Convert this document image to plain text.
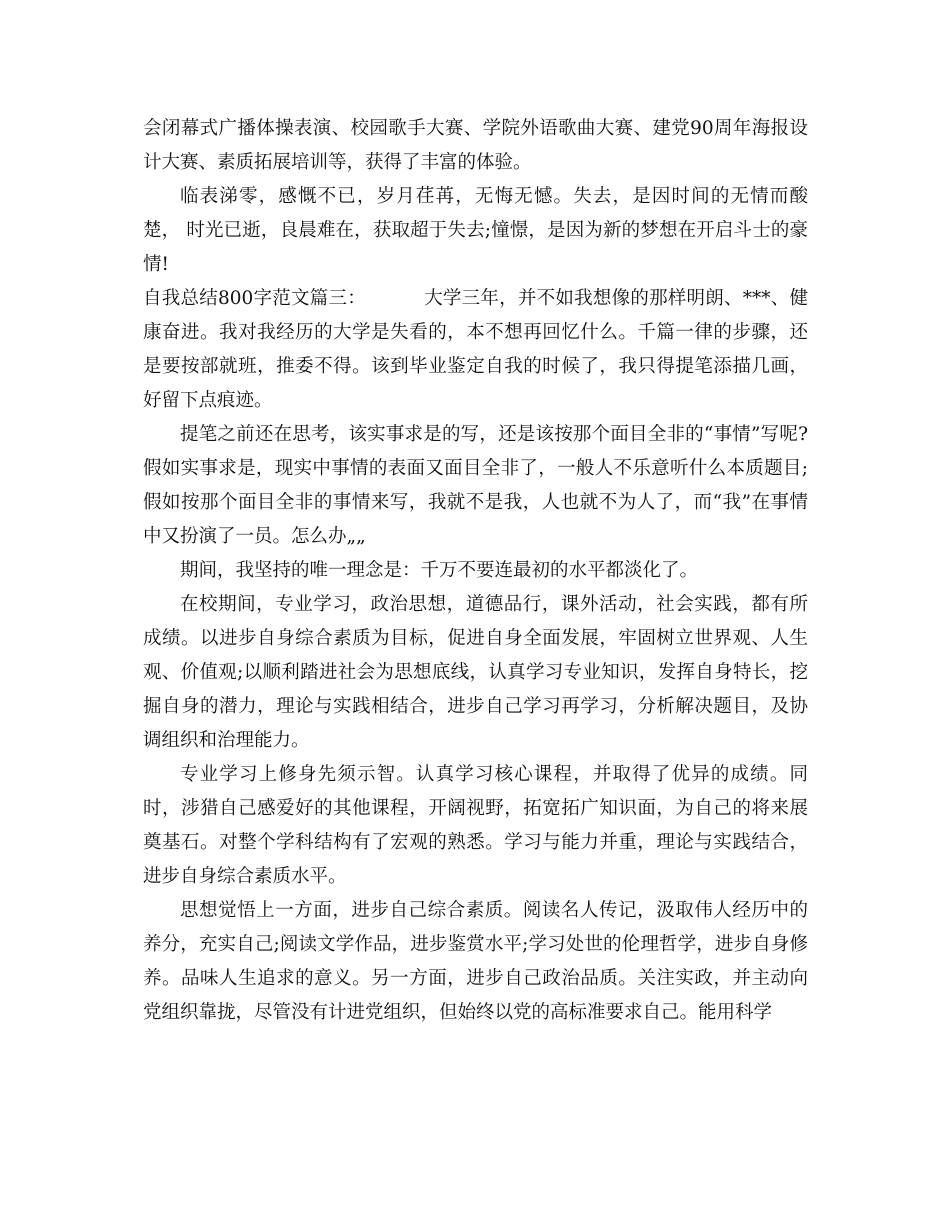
会闭幕式广播体操表演、校园歌手大赛、学院外语歌曲大赛、建党90周年海报设计大赛、素质拓展培训等，获得了丰富的体验。

临表涕零，感慨不已，岁月荏苒，无悔无憾。失去，是因时间的无情而酸楚， 时光已逝，良晨难在，获取超于失去;憧憬，是因为新的梦想在开启斗士的豪情!

自我总结800字范文篇三：	大学三年，并不如我想像的那样明朗、***、健康奋进。我对我经历的大学是失看的，本不想再回忆什么。千篇一律的步骤，还是要按部就班，推委不得。该到毕业鉴定自我的时候了，我只得提笔添描几画，好留下点痕迹。

提笔之前还在思考，该实事求是的写，还是该按那个面目全非的“事情”写呢?假如实事求是，现实中事情的表面又面目全非了，一般人不乐意听什么本质题目;假如按那个面目全非的事情来写，我就不是我，人也就不为人了，而“我”在事情中又扮演了一员。怎么办„„

期间，我坚持的唯一理念是：千万不要连最初的水平都淡化了。

在校期间，专业学习，政治思想，道德品行，课外活动，社会实践，都有所成绩。以进步自身综合素质为目标，促进自身全面发展，牢固树立世界观、人生观、价值观;以顺利踏进社会为思想底线，认真学习专业知识，发挥自身特长，挖掘自身的潜力，理论与实践相结合，进步自己学习再学习，分析解决题目，及协调组织和治理能力。

专业学习上修身先须示智。认真学习核心课程，并取得了优异的成绩。同时，涉猎自己感爱好的其他课程，开阔视野，拓宽拓广知识面，为自己的将来展奠基石。对整个学科结构有了宏观的熟悉。学习与能力并重，理论与实践结合，进步自身综合素质水平。

思想觉悟上一方面，进步自己综合素质。阅读名人传记，汲取伟人经历中的养分，充实自己;阅读文学作品，进步鉴赏水平;学习处世的伦理哲学，进步自身修养。品味人生追求的意义。另一方面，进步自己政治品质。关注实政，并主动向党组织靠拢，尽管没有计进党组织，但始终以党的高标准要求自己。能用科学
